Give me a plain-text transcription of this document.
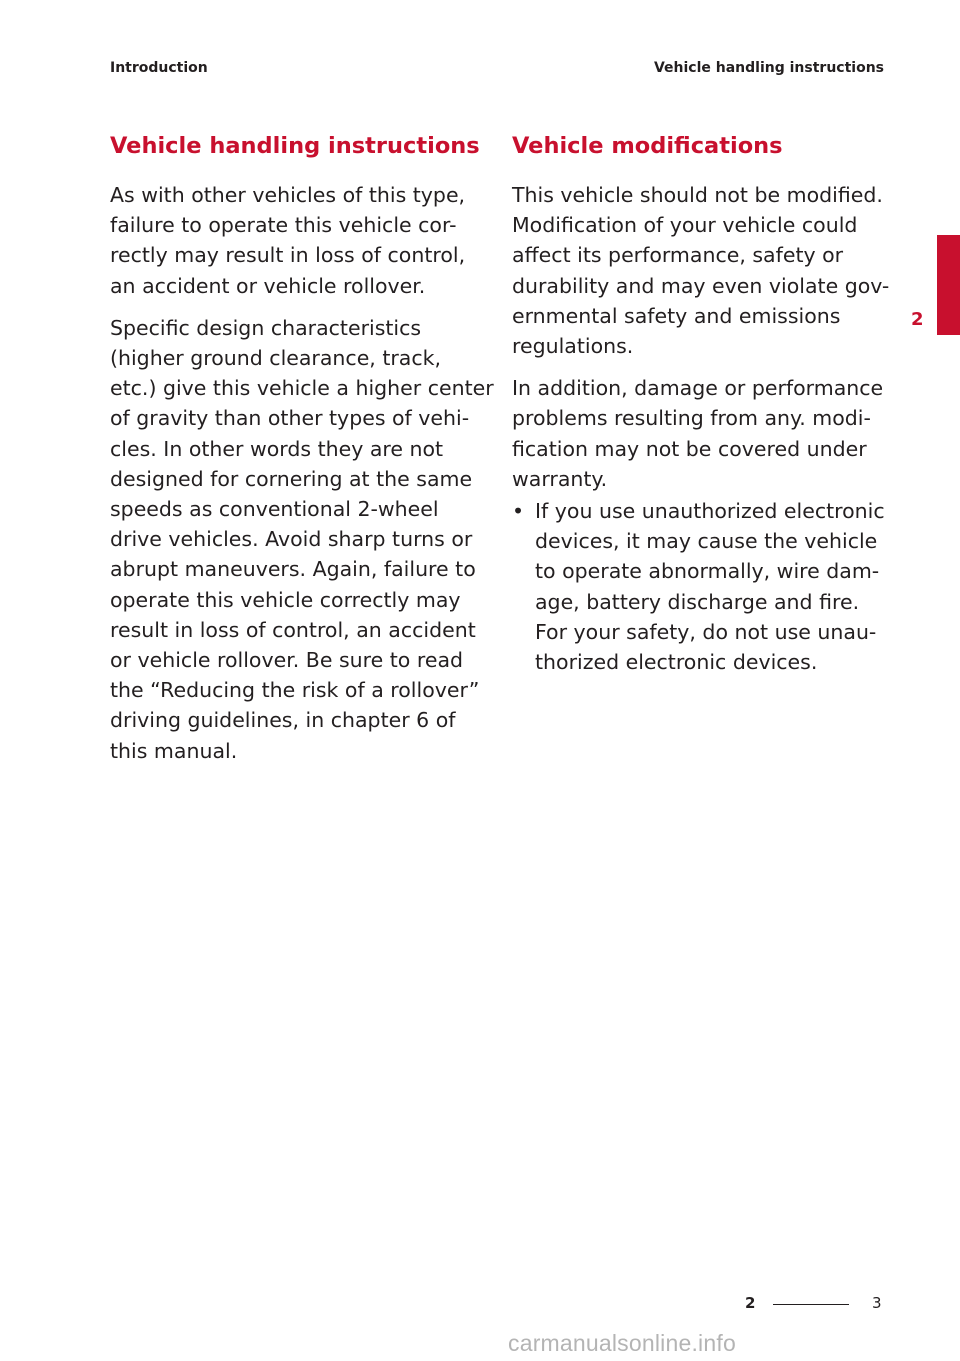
Introduction	Vehicle handling instructions
Vehicle handling instructions

As with other vehicles of this type,
failure to operate this vehicle cor-
rectly may result in loss of control,
an accident or vehicle rollover.

Specific design characteristics
(higher ground clearance, track,
etc.) give this vehicle a higher center
of gravity than other types of vehi-
cles. In other words they are not
designed for cornering at the same
speeds as conventional 2-wheel
drive vehicles. Avoid sharp turns or
abrupt maneuvers. Again, failure to
operate this vehicle correctly may
result in loss of control, an accident
or vehicle rollover. Be sure to read
the “Reducing the risk of a rollover”
driving guidelines, in chapter 6 of
this manual.

Vehicle modifications

This vehicle should not be modified.
Modification of your vehicle could
affect its performance, safety or
durability and may even violate gov-
ernmental safety and emissions
regulations.

In addition, damage or performance
problems resulting from any. modi-
fication may not be covered under
warranty.

• If you use unauthorized electronic
devices, it may cause the vehicle
to operate abnormally, wire dam-
age, battery discharge and fire.
For your safety, do not use unau-
thorized electronic devices.
2
2	3
carmanualsonline.info
